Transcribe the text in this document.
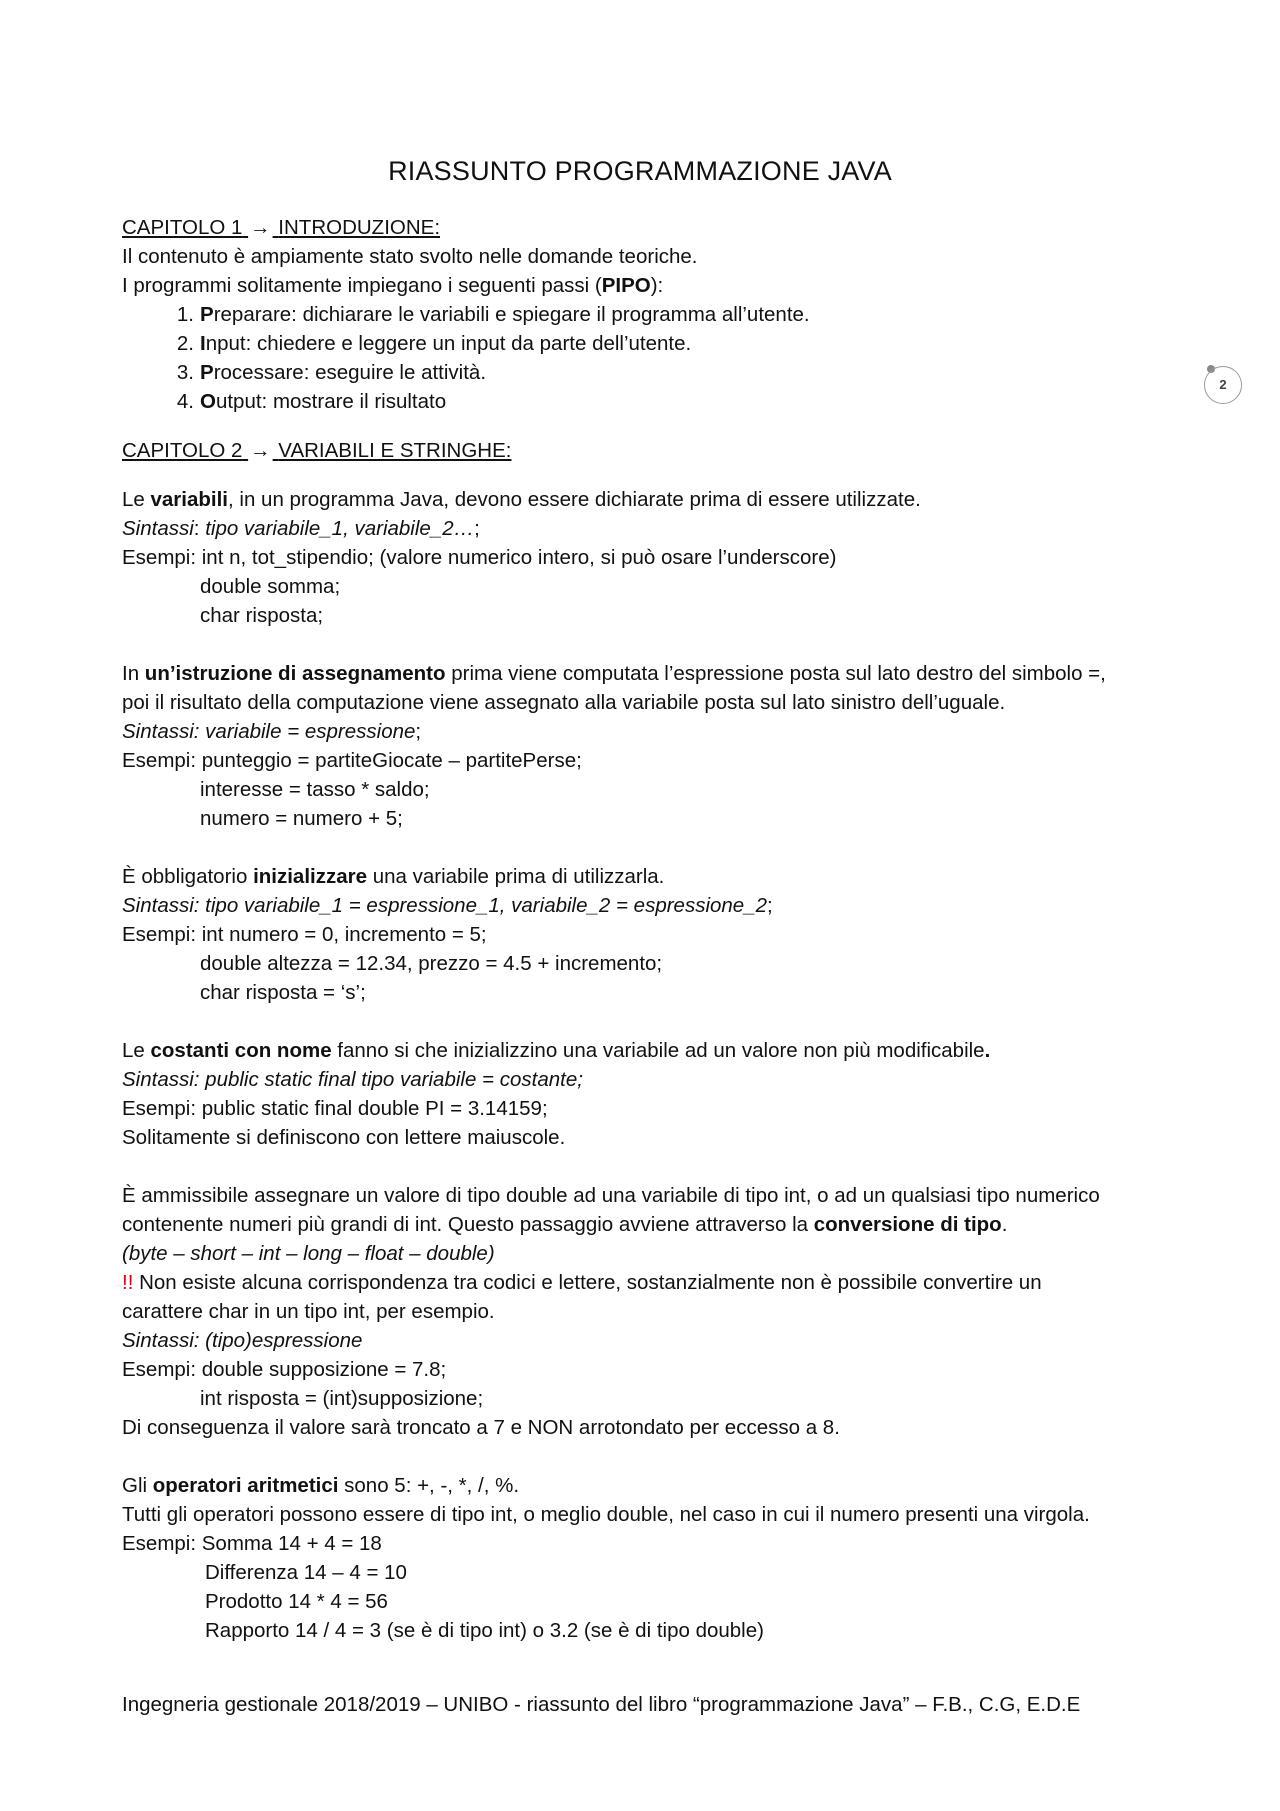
RIASSUNTO PROGRAMMAZIONE JAVA
2
CAPITOLO 1 → INTRODUZIONE:
Il contenuto è ampiamente stato svolto nelle domande teoriche.
I programmi solitamente impiegano i seguenti passi (PIPO):
1. Preparare: dichiarare le variabili e spiegare il programma all’utente.
2. Input: chiedere e leggere un input da parte dell’utente.
3. Processare: eseguire le attività.
4. Output: mostrare il risultato
CAPITOLO 2 → VARIABILI E STRINGHE:
Le variabili, in un programma Java, devono essere dichiarate prima di essere utilizzate.
Sintassi: tipo variabile_1, variabile_2…;
Esempi: int n, tot_stipendio; (valore numerico intero, si può osare l’underscore)
double somma;
char risposta;
In un’istruzione di assegnamento prima viene computata l’espressione posta sul lato destro del simbolo =,
poi il risultato della computazione viene assegnato alla variabile posta sul lato sinistro dell’uguale.
Sintassi: variabile = espressione;
Esempi: punteggio = partiteGiocate – partitePerse;
interesse = tasso * saldo;
numero = numero + 5;
È obbligatorio inizializzare una variabile prima di utilizzarla.
Sintassi: tipo variabile_1 = espressione_1, variabile_2 = espressione_2;
Esempi: int numero = 0, incremento = 5;
double altezza = 12.34, prezzo = 4.5 + incremento;
char risposta = ‘s’;
Le costanti con nome fanno si che inizializzino una variabile ad un valore non più modificabile.
Sintassi: public static final tipo variabile = costante;
Esempi: public static final double PI = 3.14159;
Solitamente si definiscono con lettere maiuscole.
È ammissibile assegnare un valore di tipo double ad una variabile di tipo int, o ad un qualsiasi tipo numerico
contenente numeri più grandi di int. Questo passaggio avviene attraverso la conversione di tipo.
(byte – short – int – long – float – double)
!! Non esiste alcuna corrispondenza tra codici e lettere, sostanzialmente non è possibile convertire un
carattere char in un tipo int, per esempio.
Sintassi: (tipo)espressione
Esempi: double supposizione = 7.8;
int risposta = (int)supposizione;
Di conseguenza il valore sarà troncato a 7 e NON arrotondato per eccesso a 8.
Gli operatori aritmetici sono 5: +, -, *, /, %.
Tutti gli operatori possono essere di tipo int, o meglio double, nel caso in cui il numero presenti una virgola.
Esempi: Somma 14 + 4 = 18
Differenza 14 – 4 = 10
Prodotto 14 * 4 = 56
Rapporto 14 / 4 = 3 (se è di tipo int) o 3.2 (se è di tipo double)
Ingegneria gestionale 2018/2019 – UNIBO - riassunto del libro “programmazione Java” – F.B., C.G, E.D.E
